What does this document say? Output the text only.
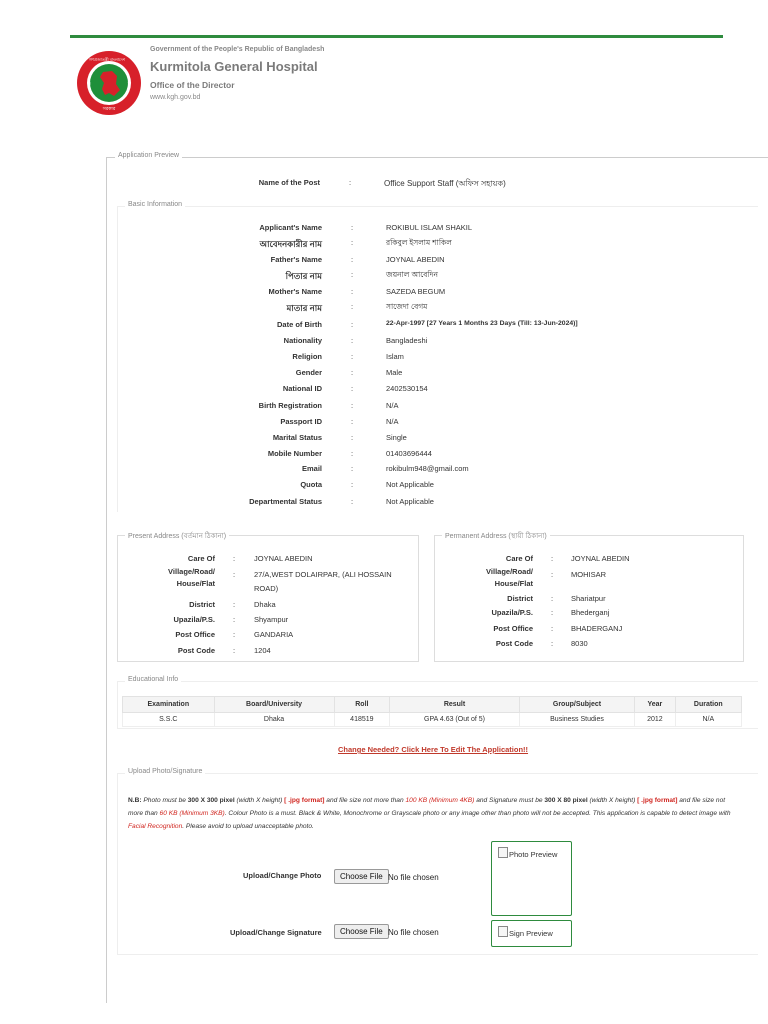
★	★
গণপ্রজাতন্ত্রী বাংলাদেশ
সরকার
Government of the People's Republic of Bangladesh
Kurmitola General Hospital
Office of the Director
www.kgh.gov.bd
Application Preview
Name of the Post	:	Office Support Staff (অফিস সহায়ক)
Basic Information
Applicant's Name	:	ROKIBUL ISLAM SHAKIL
আবেদনকারীর নাম	:	রকিবুল ইসলাম শাকিল
Father's Name	:	JOYNAL ABEDIN
পিতার নাম	:	জয়নাল আবেদিন
Mother's Name	:	SAZEDA BEGUM
মাতার নাম	:	সাজেদা বেগম
Date of Birth	:	22-Apr-1997 [27 Years 1 Months 23 Days (Till: 13-Jun-2024)]
Nationality	:	Bangladeshi
Religion	:	Islam
Gender	:	Male
National ID	:	2402530154
Birth Registration	:	N/A
Passport ID	:	N/A
Marital Status	:	Single
Mobile Number	:	01403696444
Email	:	rokibulm948@gmail.com
Quota	:	Not Applicable
Departmental Status	:	Not Applicable
Present Address (বর্তমান ঠিকানা)
Care Of :	JOYNAL ABEDIN
Village/Road/
House/Flat
:	27/A,WEST DOLAIRPAR, (ALI HOSSAIN
ROAD)
District :	Dhaka
Upazila/P.S. :	Shyampur
Post Office :	GANDARIA
Post Code :	1204
Permanent Address (স্থায়ী ঠিকানা)
Care Of : JOYNAL ABEDIN
Village/Road/
House/Flat
: MOHISAR
District : Shariatpur
Upazila/P.S. : Bhederganj
Post Office : BHADERGANJ
Post Code : 8030
Educational Info
Examination	Board/University	Roll	Result	Group/Subject	Year	Duration
S.S.C	Dhaka	418519	GPA 4.63 (Out of 5)	Business Studies	2012	N/A
Change Needed? Click Here To Edit The Application!!
Upload Photo/Signature
N.B: Photo must be 300 X 300 pixel (width X height) [ .jpg format] and file size not more than 100 KB (Minimum 4KB) and Signature must be 300 X 80 pixel (width X height) [ .jpg format] and file size not more than 60 KB (Minimum 3KB). Colour Photo is a must. Black & White, Monochrome or Grayscale photo or any image other than photo will not be accepted. This application is capable to detect image with Facial Recognition. Please avoid to upload unacceptable photo.
Upload/Change Photo	Choose File No file chosen
Photo Preview
Upload/Change Signature	Choose File No file chosen	Sign Preview
